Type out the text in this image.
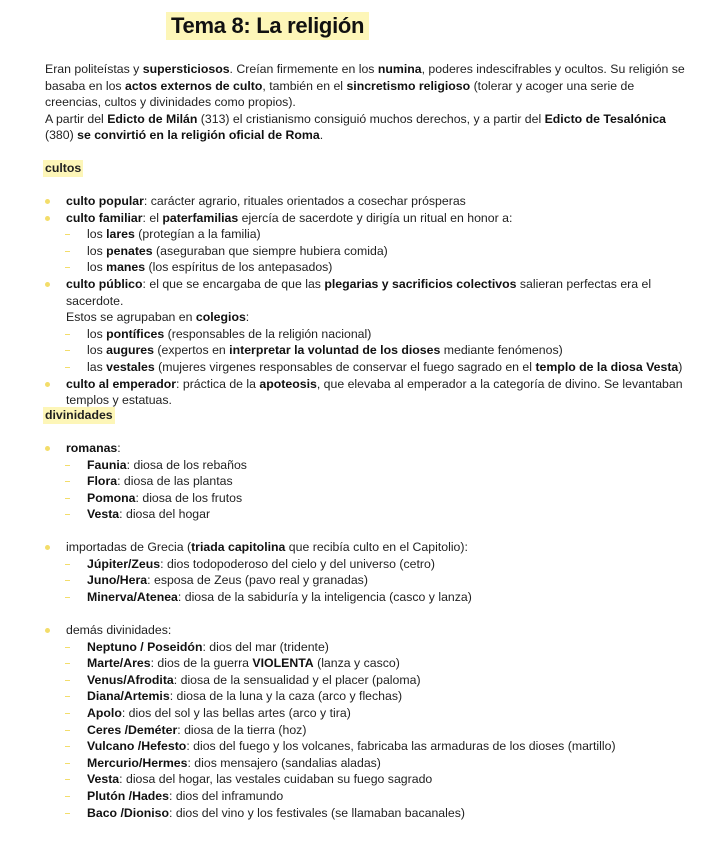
Tema 8: La religión

Eran politeístas y supersticiosos. Creían firmemente en los numina, poderes indescifrables y ocultos. Su religión se basaba en los actos externos de culto, también en el sincretismo religioso (tolerar y acoger una serie de creencias, cultos y divinidades como propios).

A partir del Edicto de Milán (313) el cristianismo consiguió muchos derechos, y a partir del Edicto de Tesalónica (380) se convirtió en la religión oficial de Roma.

cultos
culto popular: carácter agrario, rituales orientados a cosechar prósperas
culto familiar: el paterfamilias ejercía de sacerdote y dirigía un ritual en honor a:
los lares (protegían a la familia)
los penates (aseguraban que siempre hubiera comida)
los manes (los espíritus de los antepasados)
culto público: el que se encargaba de que las plegarias y sacrificios colectivos salieran perfectas era el sacerdote.
Estos se agrupaban en colegios:
los pontífices (responsables de la religión nacional)
los augures (expertos en interpretar la voluntad de los dioses mediante fenómenos)
las vestales (mujeres virgenes responsables de conservar el fuego sagrado en el templo de la diosa Vesta)
culto al emperador: práctica de la apoteosis, que elevaba al emperador a la categoría de divino. Se levantaban
templos y estatuas.
divinidades
romanas:
Faunia: diosa de los rebaños
Flora: diosa de las plantas
Pomona: diosa de los frutos
Vesta: diosa del hogar
importadas de Grecia (triada capitolina que recibía culto en el Capitolio):
Júpiter/Zeus: dios todopoderoso del cielo y del universo (cetro)
Juno/Hera: esposa de Zeus (pavo real y granadas)
Minerva/Atenea: diosa de la sabiduría y la inteligencia (casco y lanza)
demás divinidades:
Neptuno / Poseidón: dios del mar (tridente)
Marte/Ares: dios de la guerra VIOLENTA (lanza y casco)
Venus/Afrodita: diosa de la sensualidad y el placer (paloma)
Diana/Artemis: diosa de la luna y la caza (arco y flechas)
Apolo: dios del sol y las bellas artes (arco y tira)
Ceres /Deméter: diosa de la tierra (hoz)
Vulcano /Hefesto: dios del fuego y los volcanes, fabricaba las armaduras de los dioses (martillo)
Mercurio/Hermes: dios mensajero (sandalias aladas)
Vesta: diosa del hogar, las vestales cuidaban su fuego sagrado
Plutón /Hades: dios del inframundo
Baco /Dioniso: dios del vino y los festivales (se llamaban bacanales)
